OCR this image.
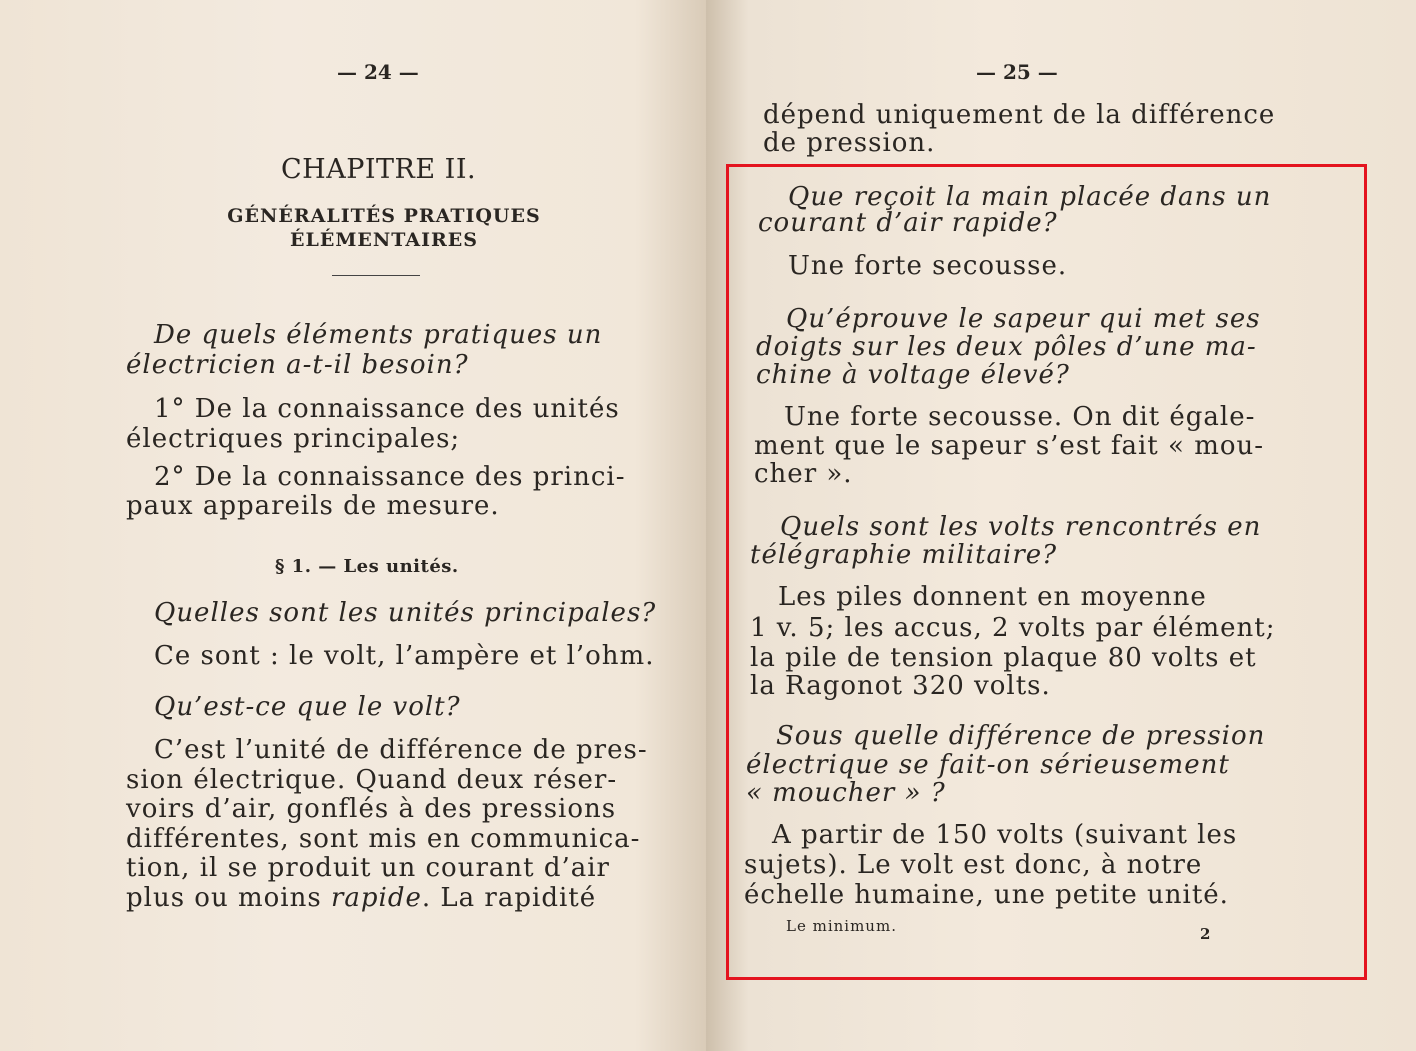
— 24 —
CHAPITRE II.
GÉNÉRALITÉS PRATIQUES
ÉLÉMENTAIRES
De quels éléments pratiques un
électricien a-t-il besoin?
1° De la connaissance des unités
électriques principales;
2° De la connaissance des princi-
paux appareils de mesure.
§ 1. — Les unités.
Quelles sont les unités principales?
Ce sont : le volt, l’ampère et l’ohm.
Qu’est-ce que le volt?
C’est l’unité de différence de pres-
sion électrique. Quand deux réser-
voirs d’air, gonflés à des pressions
différentes, sont mis en communica-
tion, il se produit un courant d’air
plus ou moins rapide. La rapidité
— 25 —
dépend uniquement de la différence
de pression.
Que reçoit la main placée dans un
courant d’air rapide?
Une forte secousse.
Qu’éprouve le sapeur qui met ses
doigts sur les deux pôles d’une ma-
chine à voltage élevé?
Une forte secousse. On dit égale-
ment que le sapeur s’est fait « mou-
cher ».
Quels sont les volts rencontrés en
télégraphie militaire?
Les piles donnent en moyenne
1 v. 5; les accus, 2 volts par élément;
la pile de tension plaque 80 volts et
la Ragonot 320 volts.
Sous quelle différence de pression
électrique se fait-on sérieusement
« moucher » ?
A partir de 150 volts (suivant les
sujets). Le volt est donc, à notre
échelle humaine, une petite unité.
Le minimum.	2
